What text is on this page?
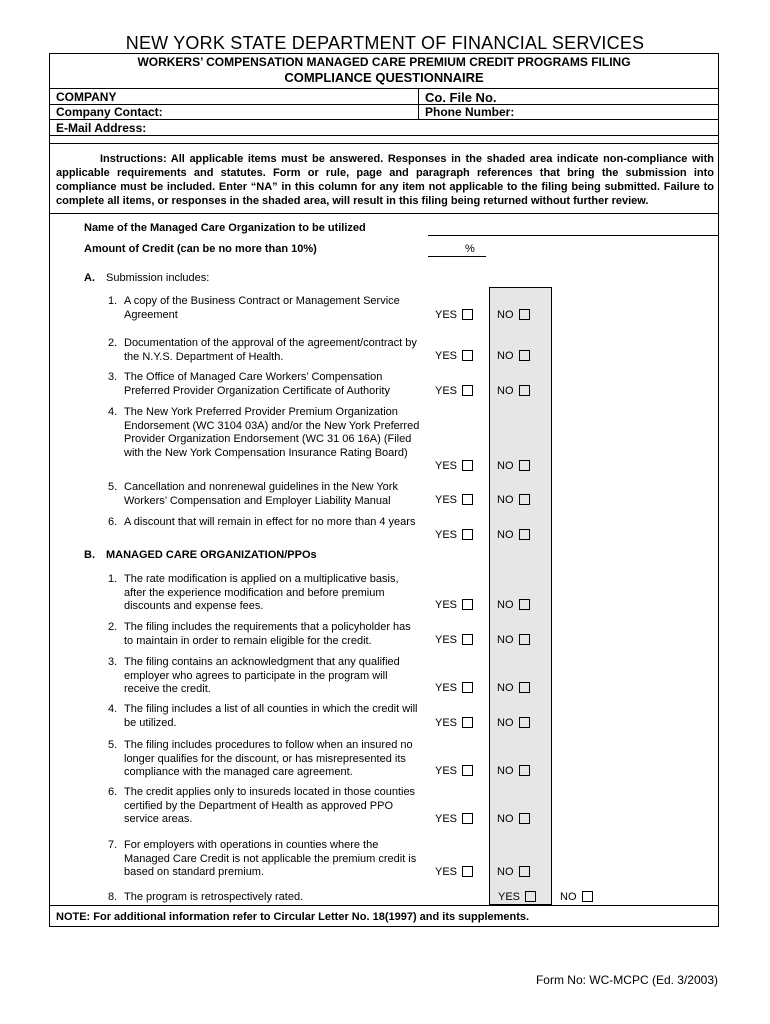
NEW YORK STATE DEPARTMENT OF FINANCIAL SERVICES
WORKERS’ COMPENSATION MANAGED CARE PREMIUM CREDIT PROGRAMS FILING
COMPLIANCE QUESTIONNAIRE
COMPANY	Co. File No.
Company Contact:	Phone Number:
E-Mail Address:
Instructions: All applicable items must be answered. Responses in the shaded area indicate non-compliance with applicable requirements and statutes. Form or rule, page and paragraph references that bring the submission into compliance must be included. Enter “NA” in this column for any item not applicable to the filing being submitted. Failure to complete all items, or responses in the shaded area, will result in this filing being returned without further review.
Name of the Managed Care Organization to be utilized
Amount of Credit (can be no more than 10%)	%
A. Submission includes:
1. A copy of the Business Contract or Management Service Agreement	YES	NO
2. Documentation of the approval of the agreement/contract by the N.Y.S. Department of Health.	YES	NO
3. The Office of Managed Care Workers’ Compensation Preferred Provider Organization Certificate of Authority	YES	NO
4. The New York Preferred Provider Premium Organization Endorsement (WC 3104 03A) and/or the New York Preferred Provider Organization Endorsement (WC 31 06 16A) (Filed with the New York Compensation Insurance Rating Board)
YES	NO
5. Cancellation and nonrenewal guidelines in the New York Workers’ Compensation and Employer Liability Manual	YES	NO
6. A discount that will remain in effect for no more than 4 years
YES	NO
1. The rate modification is applied on a multiplicative basis, after the experience modification and before premium discounts and expense fees.	YES	NO
2. The filing includes the requirements that a policyholder has to maintain in order to remain eligible for the credit.	YES	NO
3. The filing contains an acknowledgment that any qualified employer who agrees to participate in the program will receive the credit.	YES	NO
4. The filing includes a list of all counties in which the credit will be utilized.	YES	NO
5. The filing includes procedures to follow when an insured no longer qualifies for the discount, or has misrepresented its compliance with the managed care agreement.	YES	NO
6. The credit applies only to insureds located in those counties certified by the Department of Health as approved PPO service areas.	YES	NO
7. For employers with operations in counties where the Managed Care Credit is not applicable the premium credit is based on standard premium.	YES	NO
8. The program is retrospectively rated.	YES	NO
B. MANAGED CARE ORGANIZATION/PPOs
NOTE: For additional information refer to Circular Letter No. 18(1997) and its supplements.
Form No: WC-MCPC (Ed. 3/2003)
